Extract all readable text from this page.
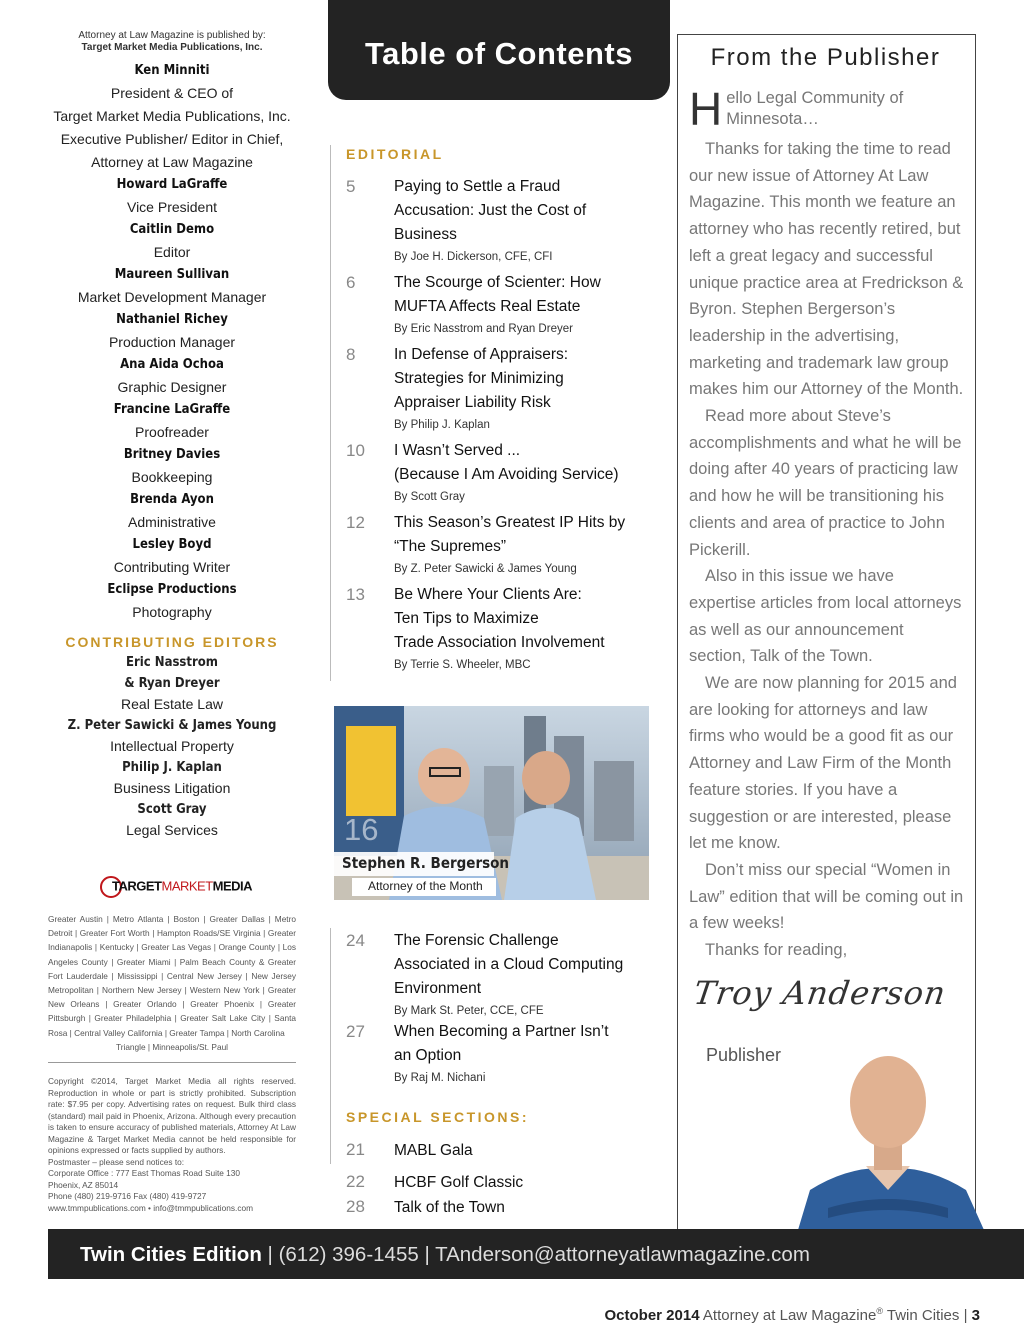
Attorney at Law Magazine is published by:
Target Market Media Publications, Inc.
Ken Minniti
President & CEO of
Target Market Media Publications, Inc.
Executive Publisher/ Editor in Chief,
Attorney at Law Magazine
Howard LaGraffe
Vice President
Caitlin Demo
Editor
Maureen Sullivan
Market Development Manager
Nathaniel Richey
Production Manager
Ana Aida Ochoa
Graphic Designer
Francine LaGraffe
Proofreader
Britney Davies
Bookkeeping
Brenda Ayon
Administrative
Lesley Boyd
Contributing Writer
Eclipse Productions
Photography
CONTRIBUTING EDITORS
Eric Nasstrom
& Ryan Dreyer
Real Estate Law
Z. Peter Sawicki & James Young
Intellectual Property
Philip J. Kaplan
Business Litigation
Scott Gray
Legal Services
TARGETMARKETMEDIA
Greater Austin | Metro Atlanta | Boston | Greater Dallas | Metro Detroit | Greater Fort Worth | Hampton Roads/SE Virginia | Greater Indianapolis | Kentucky | Greater Las Vegas | Orange County | Los Angeles County | Greater Miami | Palm Beach County & Greater Fort Lauderdale | Mississippi | Central New Jersey | New Jersey Metropolitan | Northern New Jersey | Western New York | Greater New Orleans | Greater Orlando | Greater Phoenix | Greater Pittsburgh | Greater Philadelphia | Greater Salt Lake City | Santa Rosa | Central Valley California | Greater Tampa | North Carolina
Triangle | Minneapolis/St. Paul
Copyright ©2014, Target Market Media all rights reserved. Reproduction in whole or part is strictly prohibited. Subscription rate: $7.95 per copy. Advertising rates on request. Bulk third class (standard) mail paid in Phoenix, Arizona. Although every precaution is taken to ensure accuracy of published materials, Attorney At Law Magazine & Target Market Media cannot be held responsible for opinions expressed or facts supplied by authors.
Postmaster – please send notices to:
Corporate Office : 777 East Thomas Road Suite 130
Phoenix, AZ 85014
Phone (480) 219-9716 Fax (480) 419-9727
www.tmmpublications.com • info@tmmpublications.com
Table of Contents
EDITORIAL
5 Paying to Settle a Fraud
Accusation: Just the Cost of
Business
By Joe H. Dickerson, CFE, CFI
6 The Scourge of Scienter: How
MUFTA Affects Real Estate
By Eric Nasstrom and Ryan Dreyer
8 In Defense of Appraisers:
Strategies for Minimizing
Appraiser Liability Risk
By Philip J. Kaplan
10 I Wasn’t Served ...
(Because I Am Avoiding Service)
By Scott Gray
12 This Season’s Greatest IP Hits by
“The Supremes”
By Z. Peter Sawicki & James Young
13 Be Where Your Clients Are:
Ten Tips to Maximize
Trade Association Involvement
By Terrie S. Wheeler, MBC
16
Stephen R. Bergerson
Attorney of the Month
24 The Forensic Challenge
Associated in a Cloud Computing
Environment
By Mark St. Peter, CCE, CFE
27 When Becoming a Partner Isn’t
an Option
By Raj M. Nichani
SPECIAL SECTIONS:
21 MABL Gala
22 HCBF Golf Classic
28 Talk of the Town
From the Publisher

Hello Legal Community of Minnesota…

Thanks for taking the time to read our new issue of Attorney At Law Magazine. This month we feature an attorney who has recently retired, but left a great legacy and successful unique practice area at Fredrickson & Byron. Stephen Bergerson’s leadership in the advertising, marketing and trademark law group makes him our Attorney of the Month.

Read more about Steve’s accomplishments and what he will be doing after 40 years of practicing law and how he will be transitioning his clients and area of practice to John Pickerill.

Also in this issue we have expertise articles from local attorneys as well as our announcement section, Talk of the Town.

We are now planning for 2015 and are looking for attorneys and law firms who would be a good fit as our Attorney and Law Firm of the Month feature stories. If you have a suggestion or are interested, please let me know.

Don’t miss our special “Women in Law” edition that will be coming out in a few weeks!

Thanks for reading,

Troy Anderson
Publisher
Twin Cities Edition | (612) 396-1455 | TAnderson@attorneyatlawmagazine.com
October 2014 Attorney at Law Magazine® Twin Cities | 3
